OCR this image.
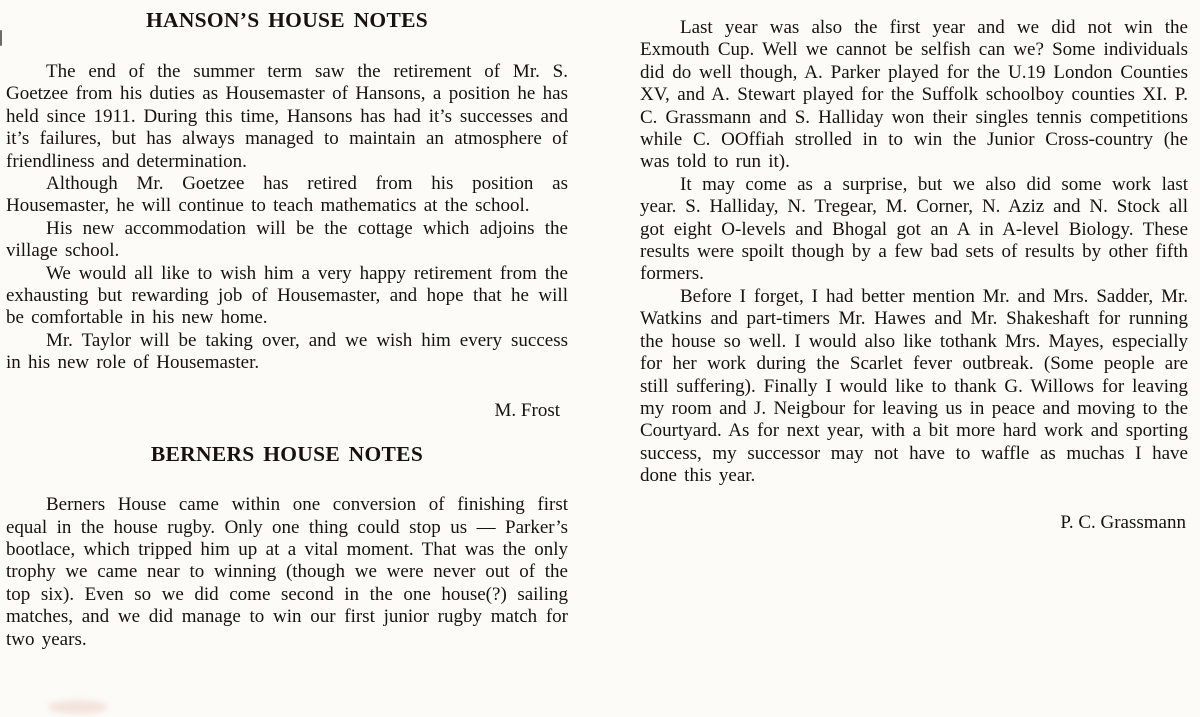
HANSON’S HOUSE NOTES

The end of the summer term saw the retirement of Mr. S. Goetzee from his duties as Housemaster of Hansons, a position he has held since 1911. During this time, Hansons has had it’s successes and it’s failures, but has always managed to maintain an atmosphere of friendliness and determination.

Although Mr. Goetzee has retired from his position as Housemaster, he will continue to teach mathematics at the school.

His new accommodation will be the cottage which adjoins the village school.

We would all like to wish him a very happy retirement from the exhausting but rewarding job of Housemaster, and hope that he will be comfortable in his new home.

Mr. Taylor will be taking over, and we wish him every success in his new role of Housemaster.

M. Frost

BERNERS HOUSE NOTES

Berners House came within one conversion of finishing first equal in the house rugby. Only one thing could stop us — Parker’s bootlace, which tripped him up at a vital moment. That was the only trophy we came near to winning (though we were never out of the top six). Even so we did come second in the one house(?) sailing matches, and we did manage to win our first junior rugby match for two years.

Last year was also the first year and we did not win the Exmouth Cup. Well we cannot be selfish can we? Some individuals did do well though, A. Parker played for the U.19 London Counties XV, and A. Stewart played for the Suffolk schoolboy counties XI. P. C. Grassmann and S. Halliday won their singles tennis competitions while C. OOffiah strolled in to win the Junior Cross-country (he was told to run it).

It may come as a surprise, but we also did some work last year. S. Halliday, N. Tregear, M. Corner, N. Aziz and N. Stock all got eight O-levels and Bhogal got an A in A-level Biology. These results were spoilt though by a few bad sets of results by other fifth formers.

Before I forget, I had better mention Mr. and Mrs. Sadder, Mr. Watkins and part-timers Mr. Hawes and Mr. Shakeshaft for running the house so well. I would also like tothank Mrs. Mayes, especially for her work during the Scarlet fever outbreak. (Some people are still suffering). Finally I would like to thank G. Willows for leaving my room and J. Neigbour for leaving us in peace and moving to the Courtyard. As for next year, with a bit more hard work and sporting success, my successor may not have to waffle as muchas I have done this year.

P. C. Grassmann
